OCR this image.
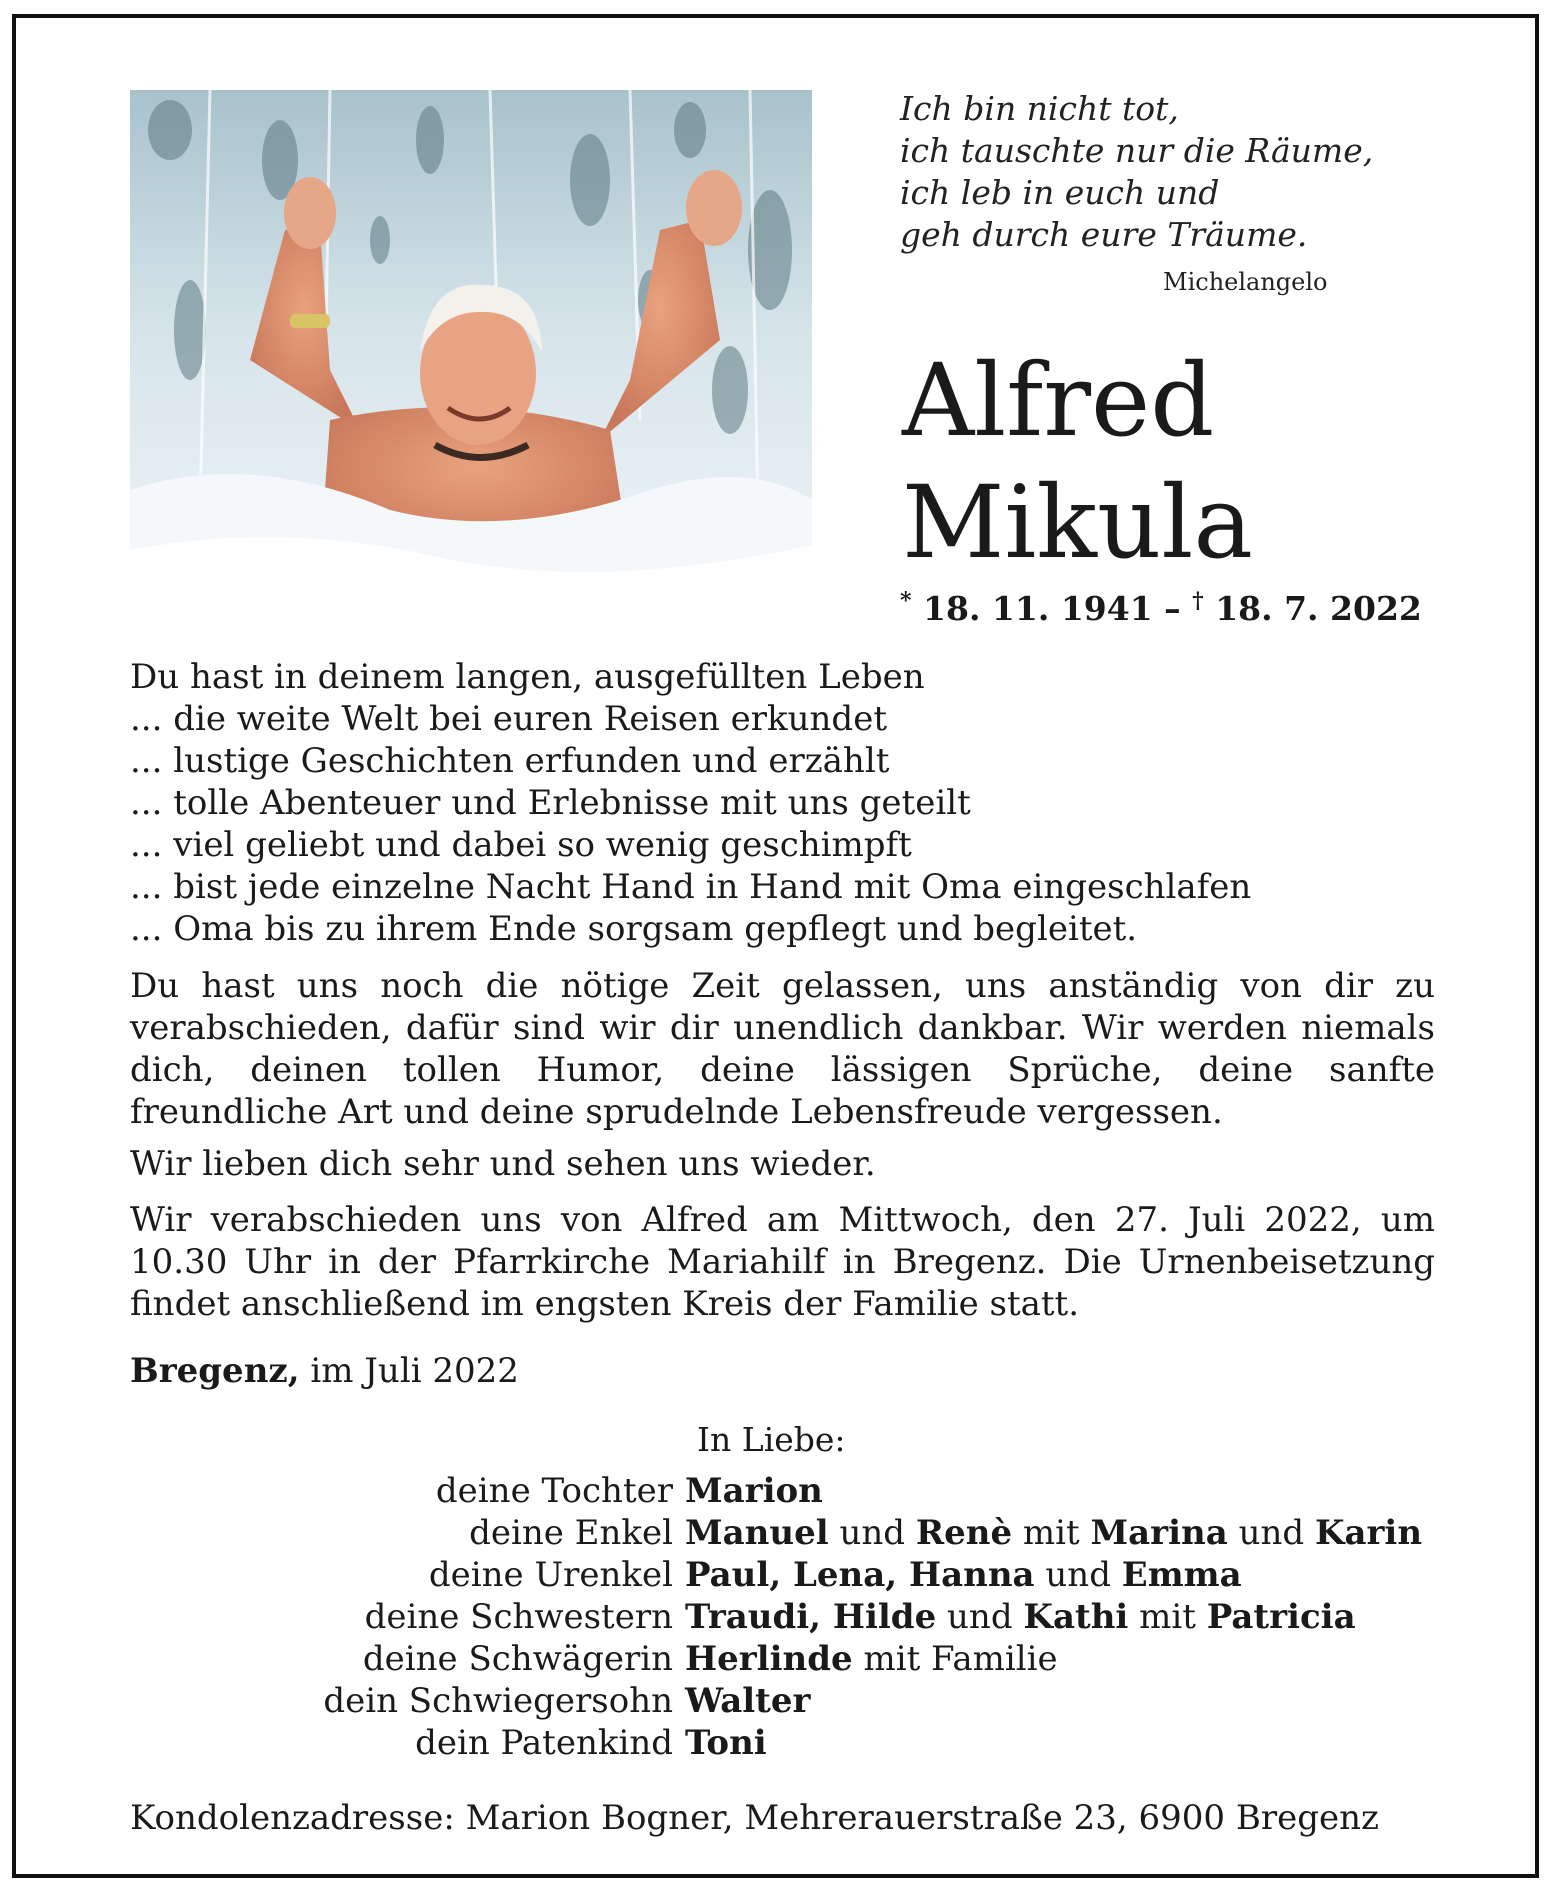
Ich bin nicht tot,
ich tauschte nur die Räume,
ich leb in euch und
geh durch eure Träume.
Michelangelo
Alfred
Mikula
* 18. 11. 1941 – † 18. 7. 2022
Du hast in deinem langen, ausgefüllten Leben
... die weite Welt bei euren Reisen erkundet
... lustige Geschichten erfunden und erzählt
... tolle Abenteuer und Erlebnisse mit uns geteilt
... viel geliebt und dabei so wenig geschimpft
... bist jede einzelne Nacht Hand in Hand mit Oma eingeschlafen
... Oma bis zu ihrem Ende sorgsam gepflegt und begleitet.
Du hast uns noch die nötige Zeit gelassen, uns anständig von dir zu verabschieden, dafür sind wir dir unendlich dankbar. Wir werden niemals dich, deinen tollen Humor, deine lässigen Sprüche, deine sanfte freundliche Art und deine sprudelnde Lebensfreude vergessen.
Wir lieben dich sehr und sehen uns wieder.
Wir verabschieden uns von Alfred am Mittwoch, den 27. Juli 2022, um 10.30 Uhr in der Pfarrkirche Mariahilf in Bregenz. Die Urnenbeisetzung findet anschließend im engsten Kreis der Familie statt.
Bregenz, im Juli 2022
In Liebe:
deine Tochter Marion
deine Enkel Manuel und Renè mit Marina und Karin
deine Urenkel Paul, Lena, Hanna und Emma
deine Schwestern Traudi, Hilde und Kathi mit Patricia
deine Schwägerin Herlinde mit Familie
dein Schwiegersohn Walter
dein Patenkind Toni
Kondolenzadresse: Marion Bogner, Mehrerauerstraße 23, 6900 Bregenz
